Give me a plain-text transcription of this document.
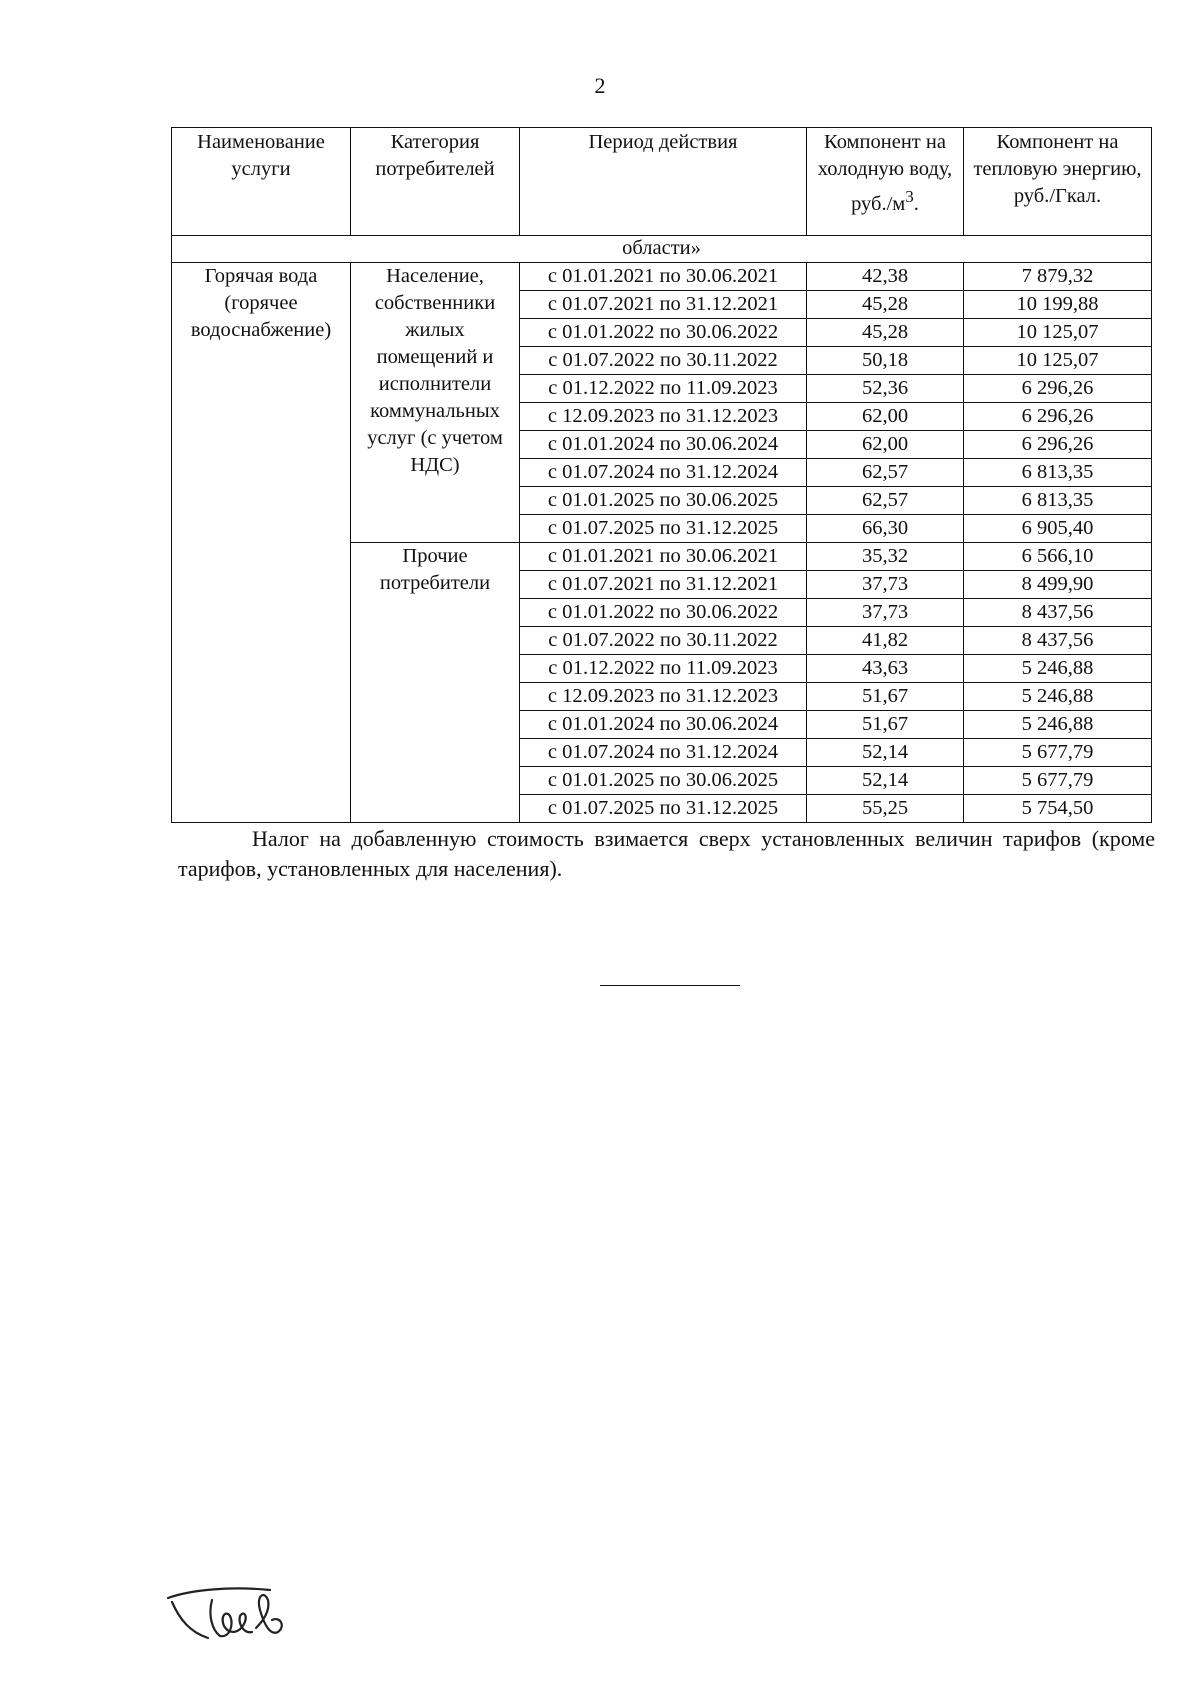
2
Наименование услуги	Категория потребителей	Период действия	Компонент на холодную воду, $руб./м^3$.	Компонент на тепловую энергию, руб./Гкал.
области»				
Горячая вода (горячее водоснабжение)	Население, собственники жилых помещений и исполнители коммунальных услуг (с учетом НДС)	с 01.01.2021 по 30.06.2021	42,38	7 879,32
		с 01.07.2021 по 31.12.2021	45,28	10 199,88
		с 01.01.2022 по 30.06.2022	45,28	10 125,07
		с 01.07.2022 по 30.11.2022	50,18	10 125,07
		с 01.12.2022 по 11.09.2023	52,36	6 296,26
		с 12.09.2023 по 31.12.2023	62,00	6 296,26
		с 01.01.2024 по 30.06.2024	62,00	6 296,26
		с 01.07.2024 по 31.12.2024	62,57	6 813,35
		с 01.01.2025 по 30.06.2025	62,57	6 813,35
		с 01.07.2025 по 31.12.2025	66,30	6 905,40
	Прочие потребители	с 01.01.2021 по 30.06.2021	35,32	6 566,10
		с 01.07.2021 по 31.12.2021	37,73	8 499,90
		с 01.01.2022 по 30.06.2022	37,73	8 437,56
		с 01.07.2022 по 30.11.2022	41,82	8 437,56
		с 01.12.2022 по 11.09.2023	43,63	5 246,88
		с 12.09.2023 по 31.12.2023	51,67	5 246,88
		с 01.01.2024 по 30.06.2024	51,67	5 246,88
		с 01.07.2024 по 31.12.2024	52,14	5 677,79
		с 01.01.2025 по 30.06.2025	52,14	5 677,79
		с 01.07.2025 по 31.12.2025	55,25	5 754,50
Налог на добавленную стоимость взимается сверх установленных величин тарифов (кроме тарифов, установленных для населения).
